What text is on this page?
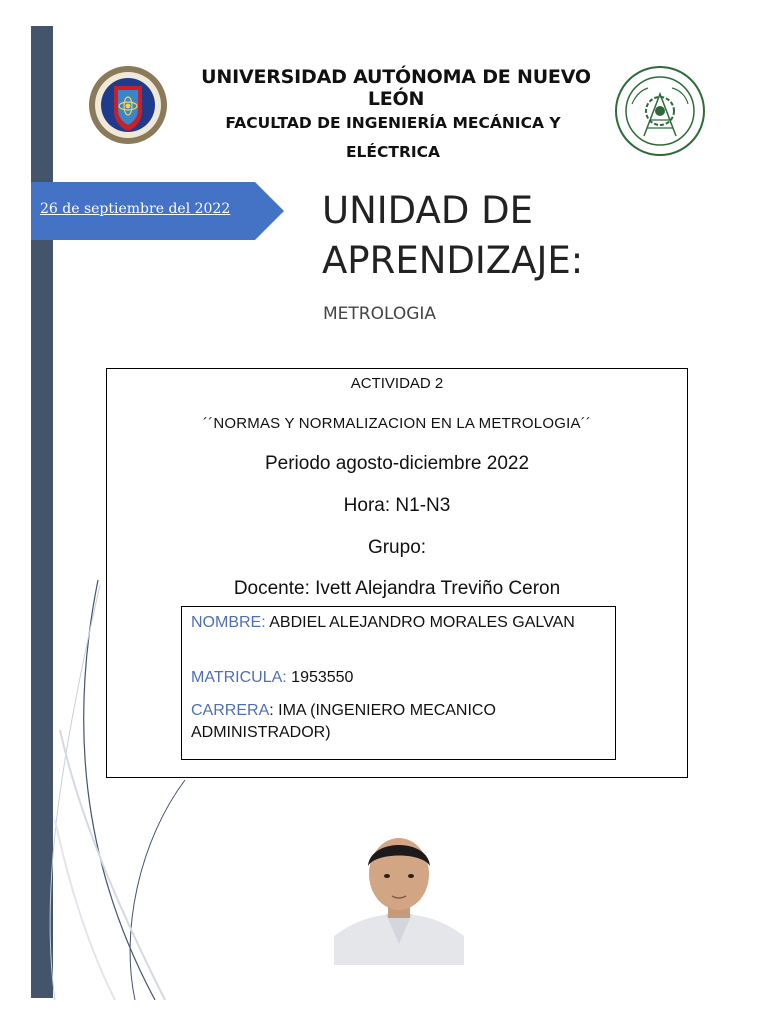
UNIVERSIDAD AUTÓNOMA DE NUEVO LEÓN
FACULTAD DE INGENIERÍA MECÁNICA Y
ELÉCTRICA
26 de septiembre del 2022 UNIDAD DE
APRENDIZAJE:
METROLOGIA
ACTIVIDAD 2
´´NORMAS Y NORMALIZACION EN LA METROLOGIA´´
Periodo agosto-diciembre 2022
Hora: N1-N3
Grupo:
Docente: Ivett Alejandra Treviño Ceron
NOMBRE: ABDIEL ALEJANDRO MORALES GALVAN
MATRICULA: 1953550
CARRERA: IMA (INGENIERO MECANICO ADMINISTRADOR)
